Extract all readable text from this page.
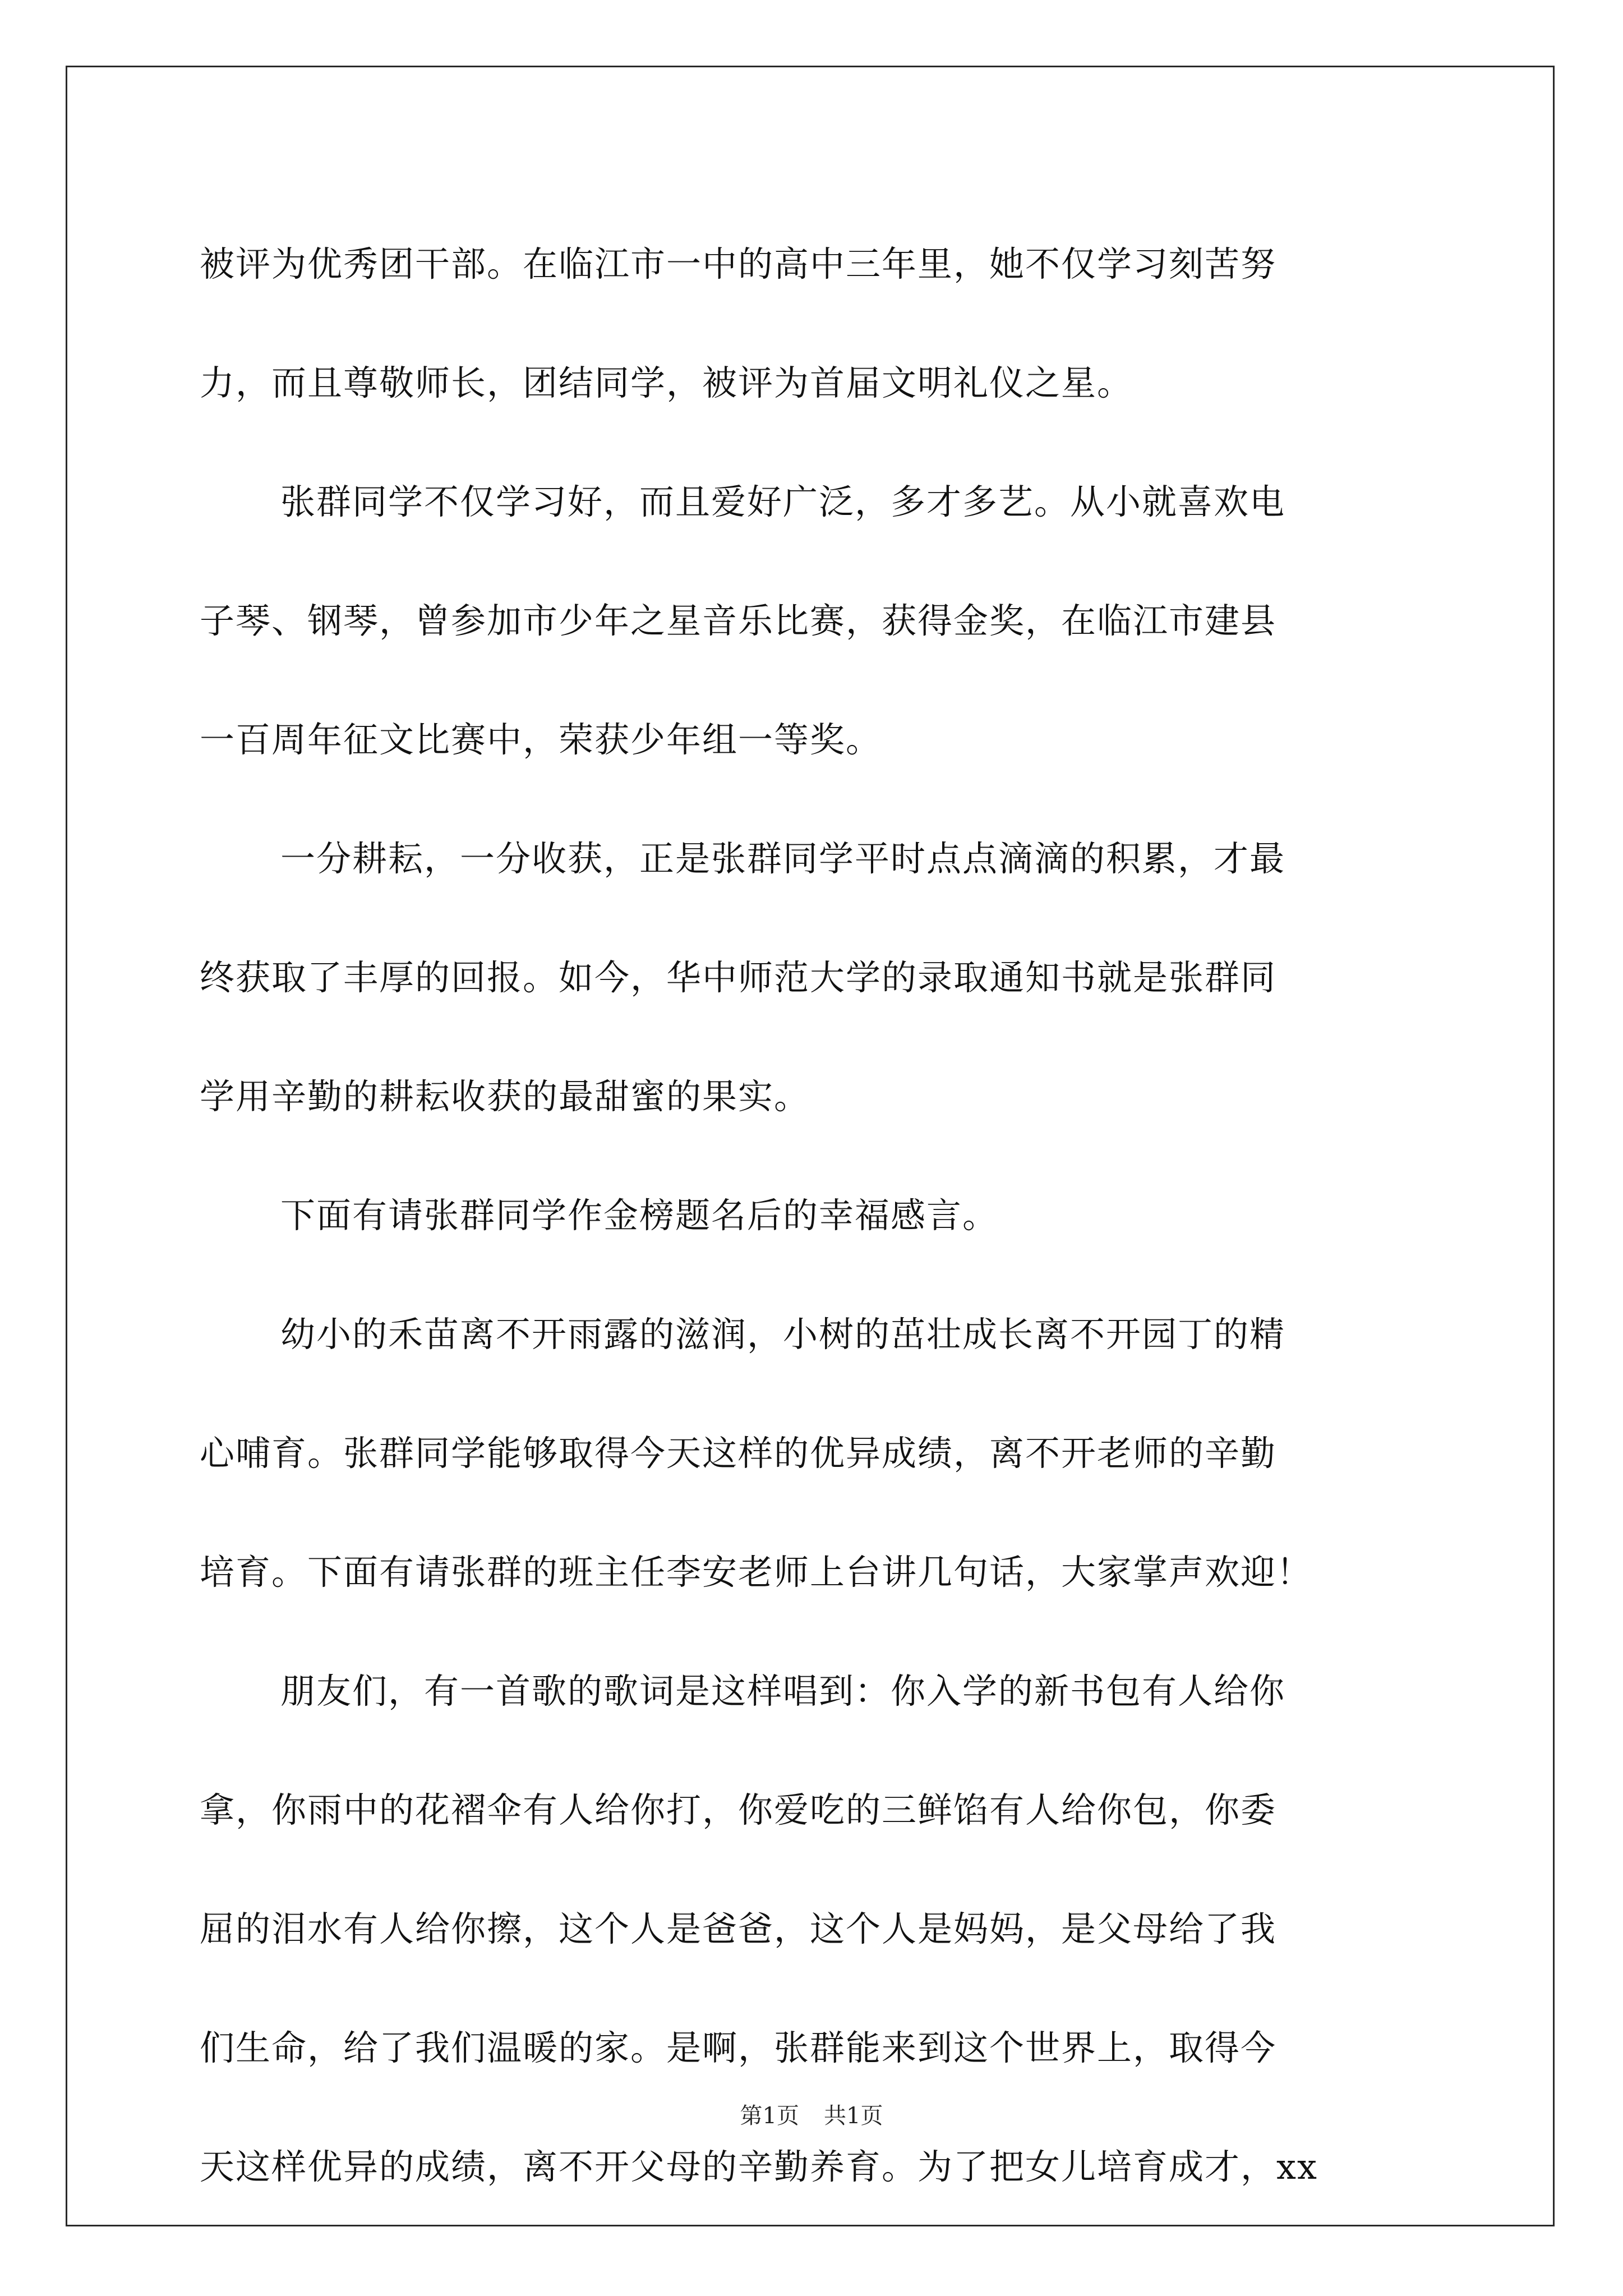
被评为优秀团干部。在临江市一中的高中三年里，她不仅学习刻苦努
力，而且尊敬师长，团结同学，被评为首届文明礼仪之星。
张群同学不仅学习好，而且爱好广泛，多才多艺。从小就喜欢电
子琴、钢琴，曾参加市少年之星音乐比赛，获得金奖，在临江市建县
一百周年征文比赛中，荣获少年组一等奖。
一分耕耘，一分收获，正是张群同学平时点点滴滴的积累，才最
终获取了丰厚的回报。如今，华中师范大学的录取通知书就是张群同
学用辛勤的耕耘收获的最甜蜜的果实。
下面有请张群同学作金榜题名后的幸福感言。
幼小的禾苗离不开雨露的滋润，小树的茁壮成长离不开园丁的精
心哺育。张群同学能够取得今天这样的优异成绩，离不开老师的辛勤
培育。下面有请张群的班主任李安老师上台讲几句话，大家掌声欢迎！
朋友们，有一首歌的歌词是这样唱到：你入学的新书包有人给你
拿，你雨中的花褶伞有人给你打，你爱吃的三鲜馅有人给你包，你委
屈的泪水有人给你擦，这个人是爸爸，这个人是妈妈，是父母给了我
们生命，给了我们温暖的家。是啊，张群能来到这个世界上，取得今
天这样优异的成绩，离不开父母的辛勤养育。为了把女儿培育成才，xx
第1页 共1页
